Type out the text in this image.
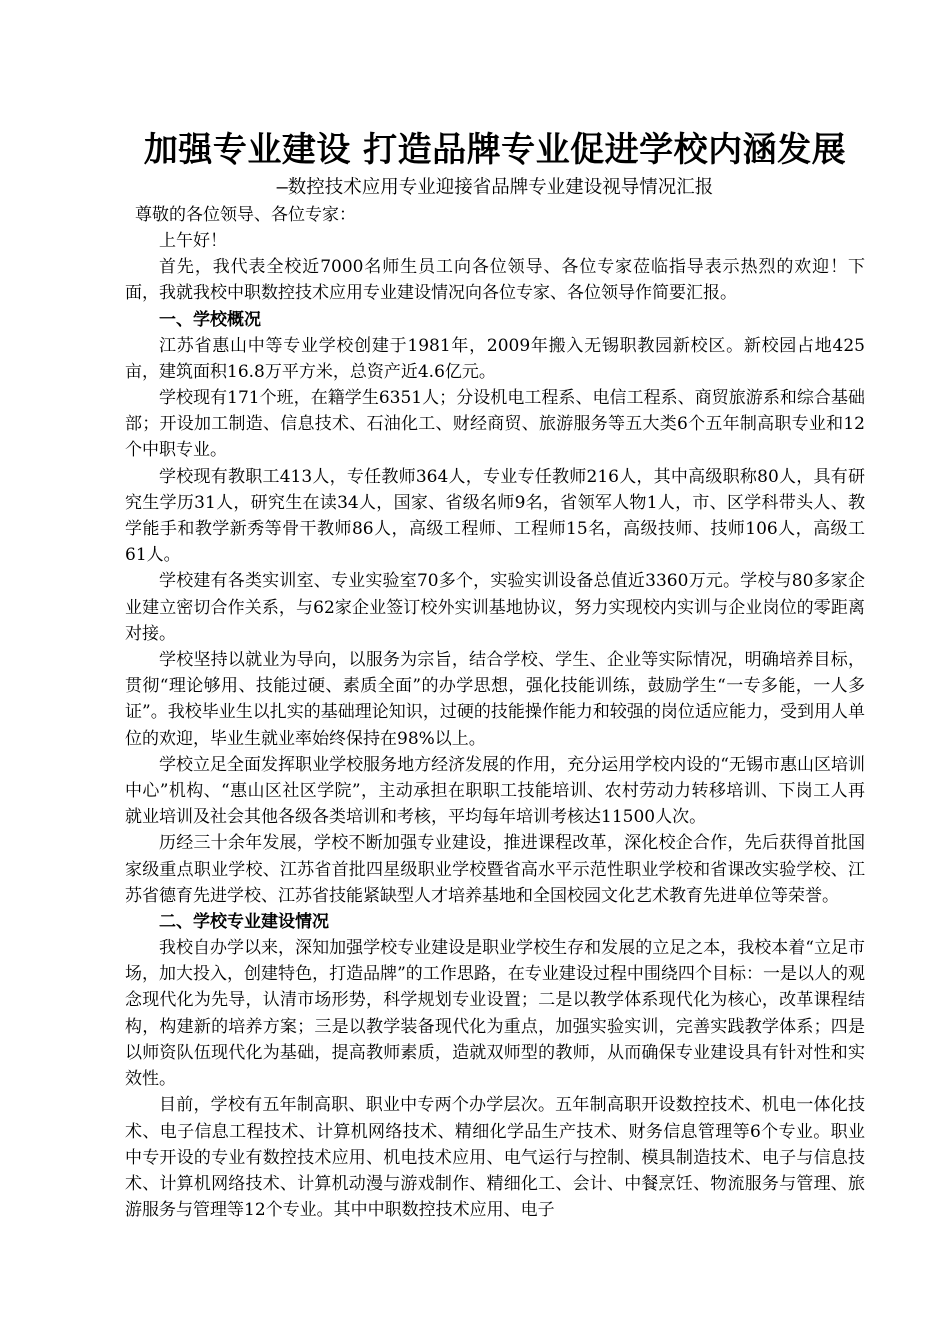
加强专业建设 打造品牌专业促进学校内涵发展

—数控技术应用专业迎接省品牌专业建设视导情况汇报

尊敬的各位领导、各位专家：

上午好！

首先，我代表全校近7000名师生员工向各位领导、各位专家莅临指导表示热烈的欢迎！下面，我就我校中职数控技术应用专业建设情况向各位专家、各位领导作简要汇报。

一、学校概况

江苏省惠山中等专业学校创建于1981年，2009年搬入无锡职教园新校区。新校园占地425亩，建筑面积16.8万平方米，总资产近4.6亿元。

学校现有171个班，在籍学生6351人；分设机电工程系、电信工程系、商贸旅游系和综合基础部；开设加工制造、信息技术、石油化工、财经商贸、旅游服务等五大类6个五年制高职专业和12个中职专业。

学校现有教职工413人，专任教师364人，专业专任教师216人，其中高级职称80人，具有研究生学历31人，研究生在读34人，国家、省级名师9名，省领军人物1人，市、区学科带头人、教学能手和教学新秀等骨干教师86人，高级工程师、工程师15名，高级技师、技师106人，高级工61人。

学校建有各类实训室、专业实验室70多个，实验实训设备总值近3360万元。学校与80多家企业建立密切合作关系，与62家企业签订校外实训基地协议，努力实现校内实训与企业岗位的零距离对接。

学校坚持以就业为导向，以服务为宗旨，结合学校、学生、企业等实际情况，明确培养目标，贯彻“理论够用、技能过硬、素质全面”的办学思想，强化技能训练，鼓励学生“一专多能，一人多证”。我校毕业生以扎实的基础理论知识，过硬的技能操作能力和较强的岗位适应能力，受到用人单位的欢迎，毕业生就业率始终保持在98%以上。

学校立足全面发挥职业学校服务地方经济发展的作用，充分运用学校内设的“无锡市惠山区培训中心”机构、“惠山区社区学院”，主动承担在职职工技能培训、农村劳动力转移培训、下岗工人再就业培训及社会其他各级各类培训和考核，平均每年培训考核达11500人次。

历经三十余年发展，学校不断加强专业建设，推进课程改革，深化校企合作，先后获得首批国家级重点职业学校、江苏省首批四星级职业学校暨省高水平示范性职业学校和省课改实验学校、江苏省德育先进学校、江苏省技能紧缺型人才培养基地和全国校园文化艺术教育先进单位等荣誉。

二、学校专业建设情况

我校自办学以来，深知加强学校专业建设是职业学校生存和发展的立足之本，我校本着“立足市场，加大投入，创建特色，打造品牌”的工作思路，在专业建设过程中围绕四个目标：一是以人的观念现代化为先导，认清市场形势，科学规划专业设置；二是以教学体系现代化为核心，改革课程结构，构建新的培养方案；三是以教学装备现代化为重点，加强实验实训，完善实践教学体系；四是以师资队伍现代化为基础，提高教师素质，造就双师型的教师，从而确保专业建设具有针对性和实效性。

目前，学校有五年制高职、职业中专两个办学层次。五年制高职开设数控技术、机电一体化技术、电子信息工程技术、计算机网络技术、精细化学品生产技术、财务信息管理等6个专业。职业中专开设的专业有数控技术应用、机电技术应用、电气运行与控制、模具制造技术、电子与信息技术、计算机网络技术、计算机动漫与游戏制作、精细化工、会计、中餐烹饪、物流服务与管理、旅游服务与管理等12个专业。其中中职数控技术应用、电子
